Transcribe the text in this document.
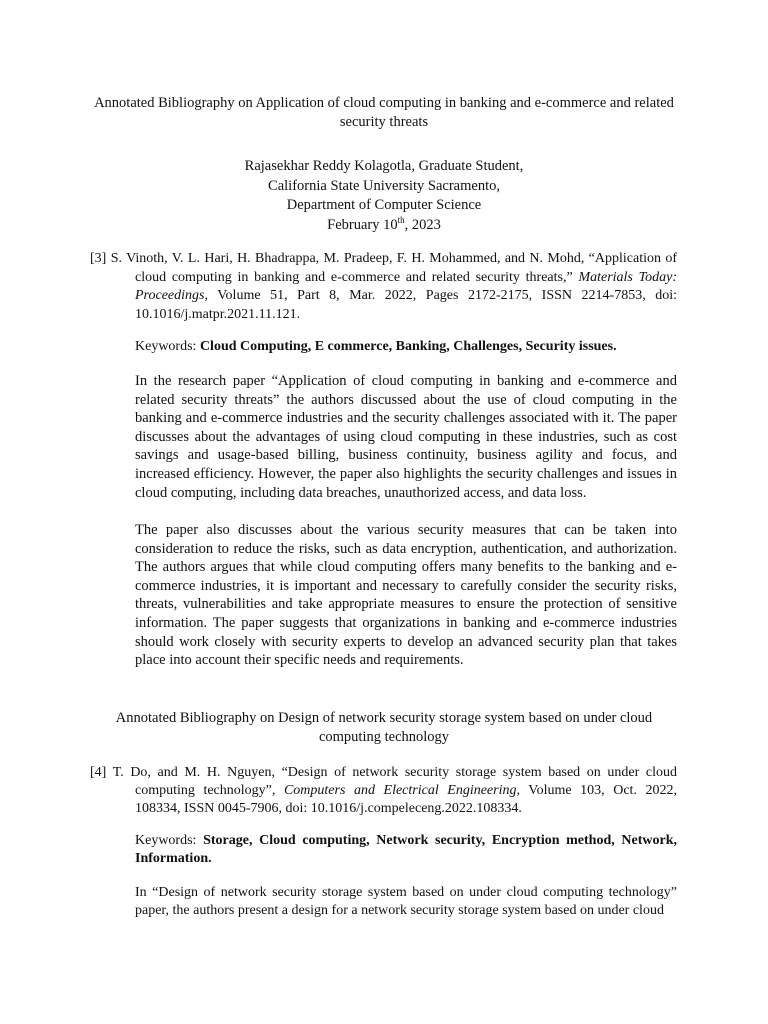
Annotated Bibliography on Application of cloud computing in banking and e-commerce and related security threats
Rajasekhar Reddy Kolagotla, Graduate Student,
California State University Sacramento,
Department of Computer Science
February 10th, 2023
[3] S. Vinoth, V. L. Hari, H. Bhadrappa, M. Pradeep, F. H. Mohammed, and N. Mohd, “Application of cloud computing in banking and e-commerce and related security threats,” Materials Today: Proceedings, Volume 51, Part 8, Mar. 2022, Pages 2172-2175, ISSN 2214-7853, doi: 10.1016/j.matpr.2021.11.121.
Keywords: Cloud Computing, E commerce, Banking, Challenges, Security issues.
In the research paper “Application of cloud computing in banking and e-commerce and related security threats” the authors discussed about the use of cloud computing in the banking and e-commerce industries and the security challenges associated with it. The paper discusses about the advantages of using cloud computing in these industries, such as cost savings and usage-based billing, business continuity, business agility and focus, and increased efficiency. However, the paper also highlights the security challenges and issues in cloud computing, including data breaches, unauthorized access, and data loss.
The paper also discusses about the various security measures that can be taken into consideration to reduce the risks, such as data encryption, authentication, and authorization. The authors argues that while cloud computing offers many benefits to the banking and e-commerce industries, it is important and necessary to carefully consider the security risks, threats, vulnerabilities and take appropriate measures to ensure the protection of sensitive information. The paper suggests that organizations in banking and e-commerce industries should work closely with security experts to develop an advanced security plan that takes place into account their specific needs and requirements.
Annotated Bibliography on Design of network security storage system based on under cloud computing technology
[4] T. Do, and M. H. Nguyen, “Design of network security storage system based on under cloud computing technology”, Computers and Electrical Engineering, Volume 103, Oct. 2022, 108334, ISSN 0045-7906, doi: 10.1016/j.compeleceng.2022.108334.
Keywords: Storage, Cloud computing, Network security, Encryption method, Network, Information.
In “Design of network security storage system based on under cloud computing technology” paper, the authors present a design for a network security storage system based on under cloud
